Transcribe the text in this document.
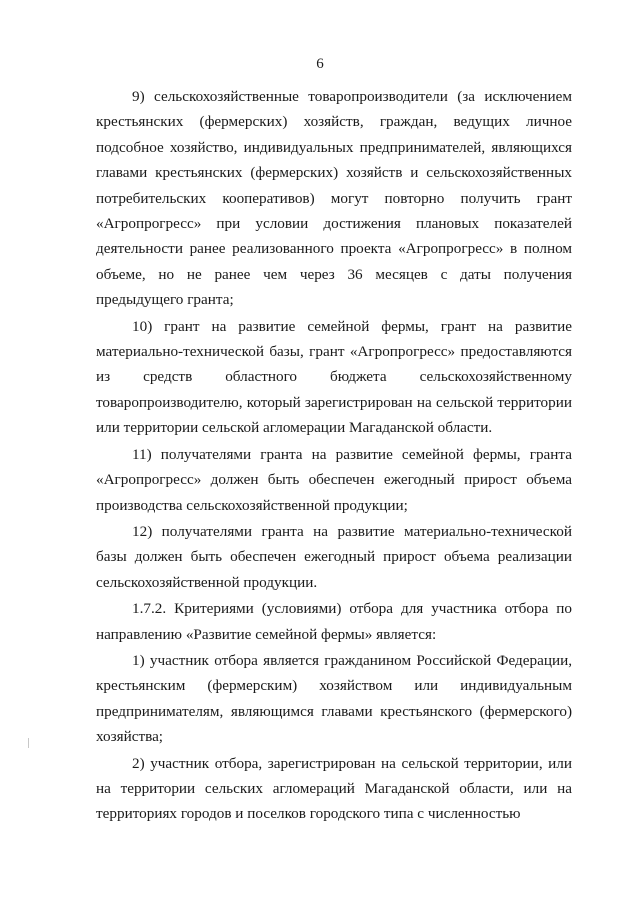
6

9) сельскохозяйственные товаропроизводители (за исключением крестьянских (фермерских) хозяйств, граждан, ведущих личное подсобное хозяйство, индивидуальных предпринимателей, являющихся главами крестьянских (фермерских) хозяйств и сельскохозяйственных потребительских кооперативов) могут повторно получить грант «Агропрогресс» при условии достижения плановых показателей деятельности ранее реализованного проекта «Агропрогресс» в полном объеме, но не ранее чем через 36 месяцев с даты получения предыдущего гранта;

10) грант на развитие семейной фермы, грант на развитие материально-технической базы, грант «Агропрогресс» предоставляются из средств областного бюджета сельскохозяйственному товаропроизводителю, который зарегистрирован на сельской территории или территории сельской агломерации Магаданской области.

11) получателями гранта на развитие семейной фермы, гранта «Агропрогресс» должен быть обеспечен ежегодный прирост объема производства сельскохозяйственной продукции;

12) получателями гранта на развитие материально-технической базы должен быть обеспечен ежегодный прирост объема реализации сельскохозяйственной продукции.

1.7.2. Критериями (условиями) отбора для участника отбора по направлению «Развитие семейной фермы» является:

1) участник отбора является гражданином Российской Федерации, крестьянским (фермерским) хозяйством или индивидуальным предпринимателям, являющимся главами крестьянского (фермерского) хозяйства;

2) участник отбора, зарегистрирован на сельской территории, или на территории сельских агломераций Магаданской области, или на территориях городов и поселков городского типа с численностью
